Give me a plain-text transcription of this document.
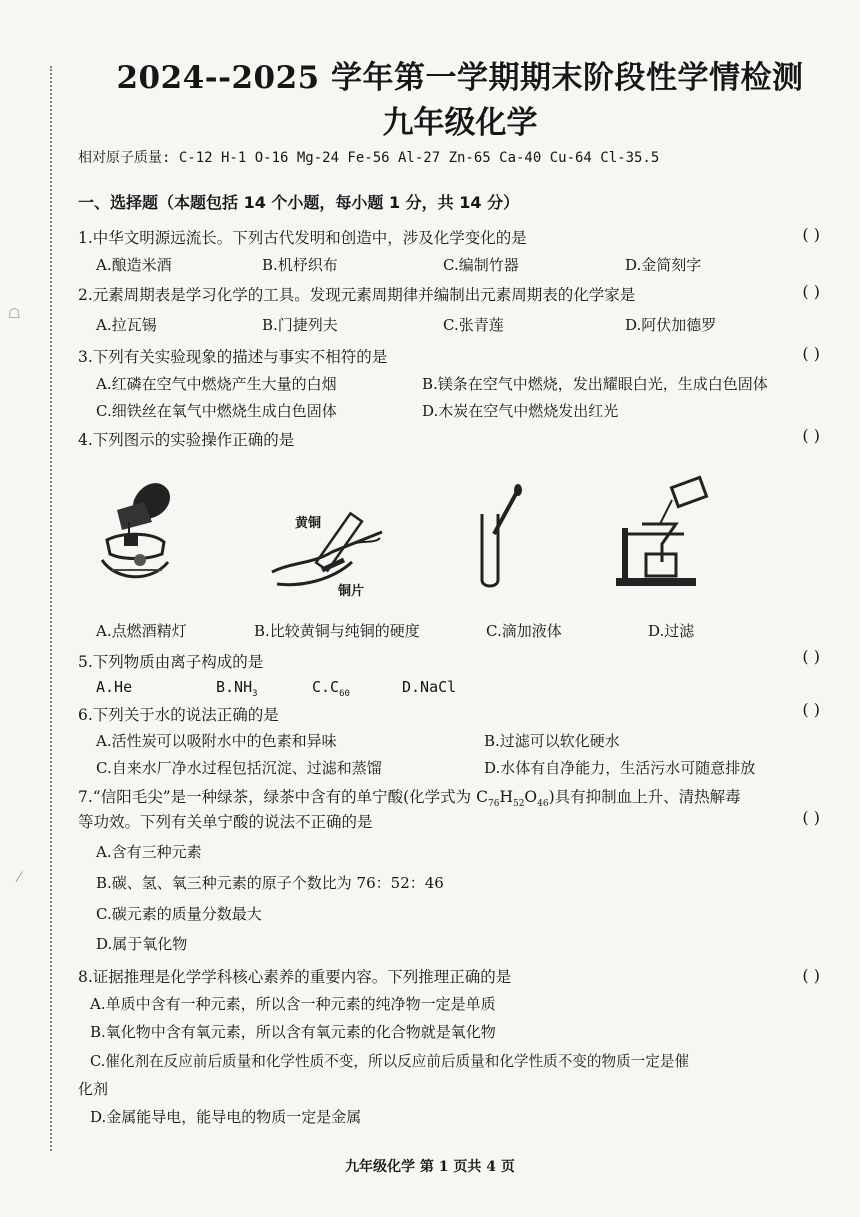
☖
⁄
2024--2025 学年第一学期期末阶段性学情检测
九年级化学
相对原子质量: C-12 H-1 O-16 Mg-24 Fe-56 Al-27 Zn-65 Ca-40 Cu-64 Cl-35.5
一、选择题（本题包括 14 个小题，每小题 1 分，共 14 分）
1.中华文明源远流长。下列古代发明和创造中，涉及化学变化的是	( )
A.酿造米酒	B.机杼织布	C.编制竹器	D.金简刻字
2.元素周期表是学习化学的工具。发现元素周期律并编制出元素周期表的化学家是	( )
A.拉瓦锡	B.门捷列夫	C.张青莲	D.阿伏加德罗
3.下列有关实验现象的描述与事实不相符的是	( )
A.红磷在空气中燃烧产生大量的白烟	B.镁条在空气中燃烧，发出耀眼白光，生成白色固体
C.细铁丝在氧气中燃烧生成白色固体	D.木炭在空气中燃烧发出红光
4.下列图示的实验操作正确的是	( )
黄铜
铜片
A.点燃酒精灯	B.比较黄铜与纯铜的硬度	C.滴加液体	D.过滤
5.下列物质由离子构成的是	( )
A.He	$B.NH_3$	$C.C_{60}$	D.NaCl
6.下列关于水的说法正确的是	( )
A.活性炭可以吸附水中的色素和异味	B.过滤可以软化硬水
C.自来水厂净水过程包括沉淀、过滤和蒸馏	D.水体有自净能力，生活污水可随意排放
7.“信阳毛尖”是一种绿茶，绿茶中含有的单宁酸(化学式为 $C_{76}H_{52}O_{46}$)具有抑制血上升、清热解毒
等功效。下列有关单宁酸的说法不正确的是	( )
A.含有三种元素
B.碳、氢、氧三种元素的原子个数比为 76：52：46
C.碳元素的质量分数最大
D.属于氧化物
8.证据推理是化学学科核心素养的重要内容。下列推理正确的是	( )
A.单质中含有一种元素，所以含一种元素的纯净物一定是单质
B.氧化物中含有氧元素，所以含有氧元素的化合物就是氧化物
C.催化剂在反应前后质量和化学性质不变，所以反应前后质量和化学性质不变的物质一定是催
化剂
D.金属能导电，能导电的物质一定是金属
九年级化学 第 1 页共 4 页
